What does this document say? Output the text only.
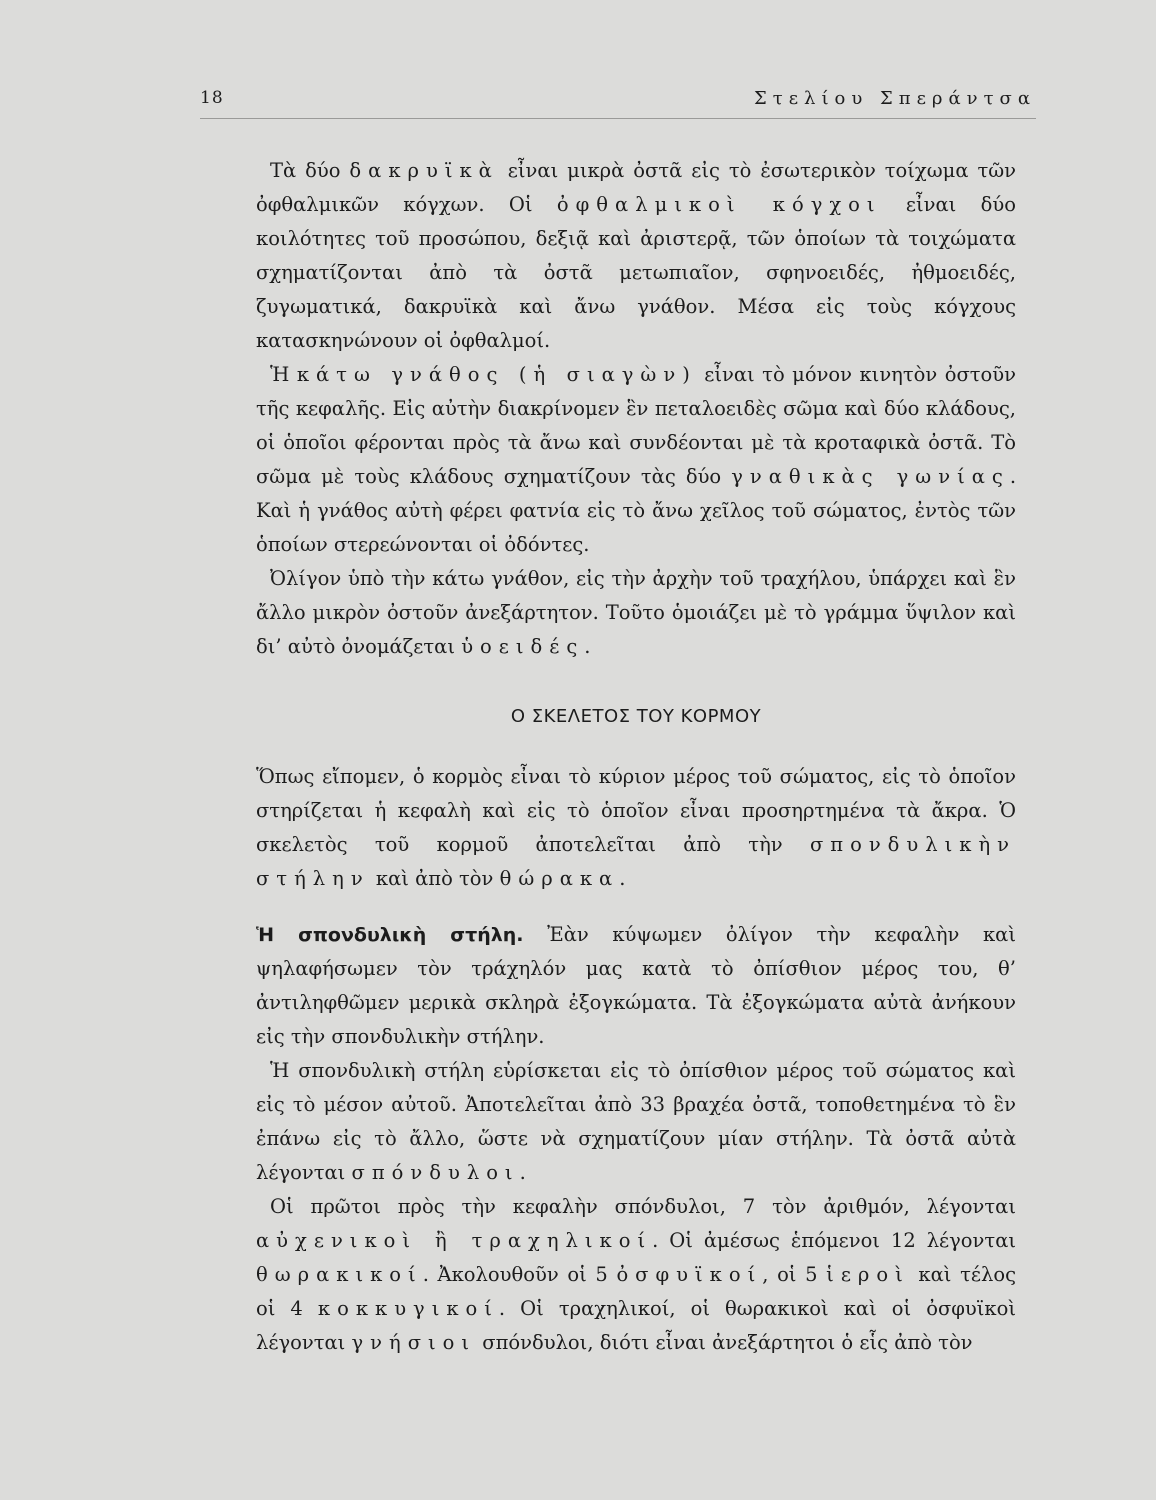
18	Στελίου Σπεράντσα

Τὰ δύο δακρυϊκὰ εἶναι μικρὰ ὀστᾶ εἰς τὸ ἐσωτερικὸν τοίχωμα τῶν ὀφθαλμικῶν κόγχων. Οἱ ὀφθαλμικοὶ κόγχοι εἶναι δύο κοιλότητες τοῦ προσώπου, δεξιᾷ καὶ ἀριστερᾷ, τῶν ὁποίων τὰ τοιχώματα σχηματίζονται ἀπὸ τὰ ὀστᾶ μετωπιαῖον, σφηνοειδές, ἠθμοειδές, ζυγωματικά, δακρυϊκὰ καὶ ἄνω γνάθον. Μέσα εἰς τοὺς κόγχους κατασκηνώνουν οἱ ὀφθαλμοί.

Ἡ κάτω γνάθος (ἡ σιαγὼν) εἶναι τὸ μόνον κινητὸν ὀστοῦν τῆς κεφαλῆς. Εἰς αὐτὴν διακρίνομεν ἓν πεταλοειδὲς σῶμα καὶ δύο κλάδους, οἱ ὁποῖοι φέρονται πρὸς τὰ ἄνω καὶ συνδέονται μὲ τὰ κροταφικὰ ὀστᾶ. Τὸ σῶμα μὲ τοὺς κλάδους σχηματίζουν τὰς δύο γναθικὰς γωνίας. Καὶ ἡ γνάθος αὐτὴ φέρει φατνία εἰς τὸ ἄνω χεῖλος τοῦ σώματος, ἐντὸς τῶν ὁποίων στερεώνονται οἱ ὀδόντες.

Ὀλίγον ὑπὸ τὴν κάτω γνάθον, εἰς τὴν ἀρχὴν τοῦ τραχήλου, ὑπάρχει καὶ ἓν ἄλλο μικρὸν ὀστοῦν ἀνεξάρτητον. Τοῦτο ὁμοιάζει μὲ τὸ γράμμα ὕψιλον καὶ δι’ αὐτὸ ὀνομάζεται ὑοειδές.

Ο ΣΚΕΛΕΤΟΣ ΤΟΥ ΚΟΡΜΟΥ

Ὅπως εἴπομεν, ὁ κορμὸς εἶναι τὸ κύριον μέρος τοῦ σώματος, εἰς τὸ ὁποῖον στηρίζεται ἡ κεφαλὴ καὶ εἰς τὸ ὁποῖον εἶναι προσηρτημένα τὰ ἄκρα. Ὁ σκελετὸς τοῦ κορμοῦ ἀποτελεῖται ἀπὸ τὴν σπονδυλικὴν στήλην καὶ ἀπὸ τὸν θώρακα.

Ἡ σπονδυλικὴ στήλη. Ἐὰν κύψωμεν ὀλίγον τὴν κεφαλὴν καὶ ψηλαφήσωμεν τὸν τράχηλόν μας κατὰ τὸ ὀπίσθιον μέρος του, θ’ ἀντιληφθῶμεν μερικὰ σκληρὰ ἐξογκώματα. Τὰ ἐξογκώματα αὐτὰ ἀνήκουν εἰς τὴν σπονδυλικὴν στήλην.

Ἡ σπονδυλικὴ στήλη εὑρίσκεται εἰς τὸ ὀπίσθιον μέρος τοῦ σώματος καὶ εἰς τὸ μέσον αὐτοῦ. Ἀποτελεῖται ἀπὸ 33 βραχέα ὀστᾶ, τοποθετημένα τὸ ἓν ἐπάνω εἰς τὸ ἄλλο, ὥστε νὰ σχηματίζουν μίαν στήλην. Τὰ ὀστᾶ αὐτὰ λέγονται σπόνδυλοι.

Οἱ πρῶτοι πρὸς τὴν κεφαλὴν σπόνδυλοι, 7 τὸν ἀριθμόν, λέγονται αὐχενικοὶ ἢ τραχηλικοί. Οἱ ἀμέσως ἑπόμενοι 12 λέγονται θωρακικοί. Ἀκολουθοῦν οἱ 5 ὀσφυϊκοί, οἱ 5 ἱεροὶ καὶ τέλος οἱ 4 κοκκυγικοί. Οἱ τραχηλικοί, οἱ θωρακικοὶ καὶ οἱ ὀσφυϊκοὶ λέγονται γνήσιοι σπόνδυλοι, διότι εἶναι ἀνεξάρτητοι ὁ εἷς ἀπὸ τὸν
